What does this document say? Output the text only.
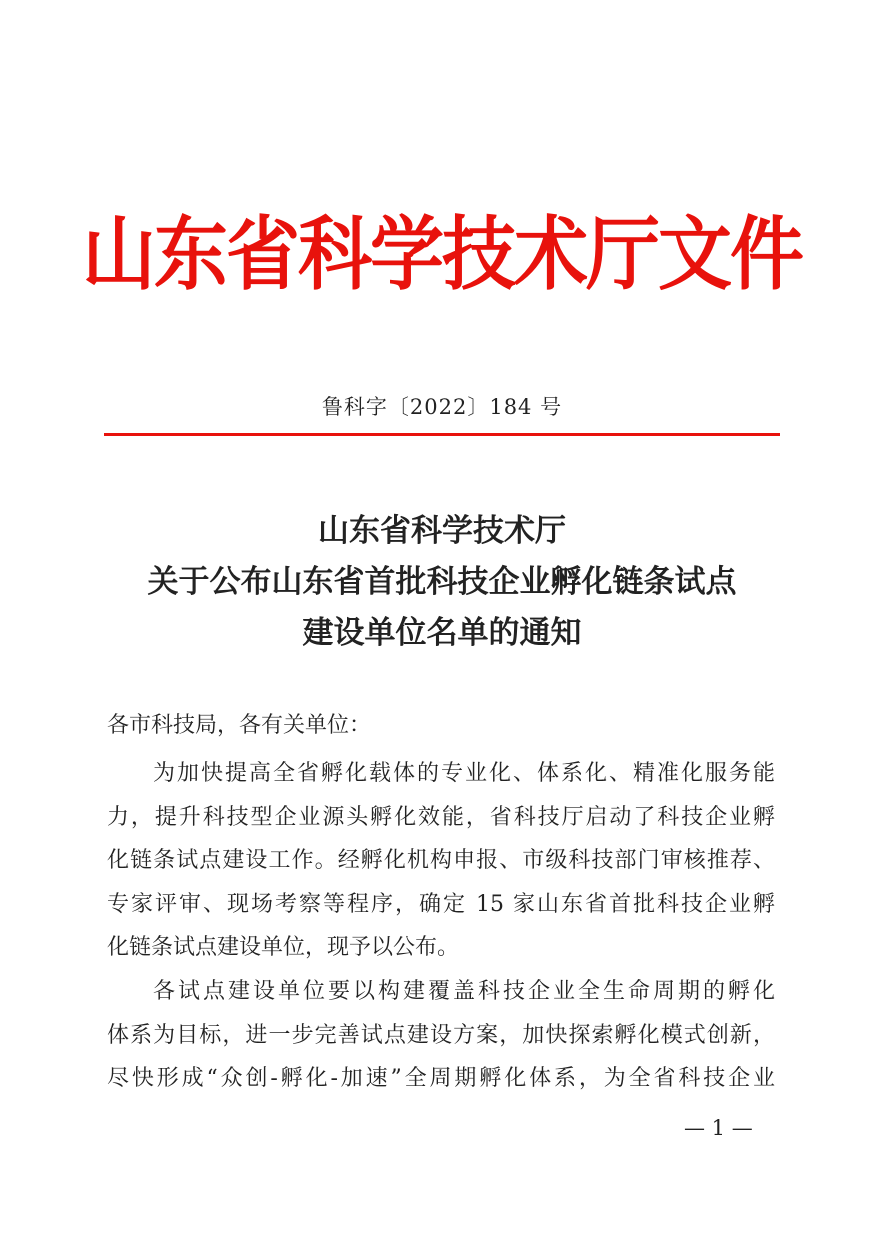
山东省科学技术厅文件
鲁科字〔2022〕184 号
山东省科学技术厅
关于公布山东省首批科技企业孵化链条试点
建设单位名单的通知
各市科技局，各有关单位：
为加快提高全省孵化载体的专业化、体系化、精准化服务能
力，提升科技型企业源头孵化效能，省科技厅启动了科技企业孵
化链条试点建设工作。经孵化机构申报、市级科技部门审核推荐、
专家评审、现场考察等程序，确定 15 家山东省首批科技企业孵
化链条试点建设单位，现予以公布。
各试点建设单位要以构建覆盖科技企业全生命周期的孵化
体系为目标，进一步完善试点建设方案，加快探索孵化模式创新，
尽快形成“众创-孵化-加速”全周期孵化体系，为全省科技企业
— 1 —
